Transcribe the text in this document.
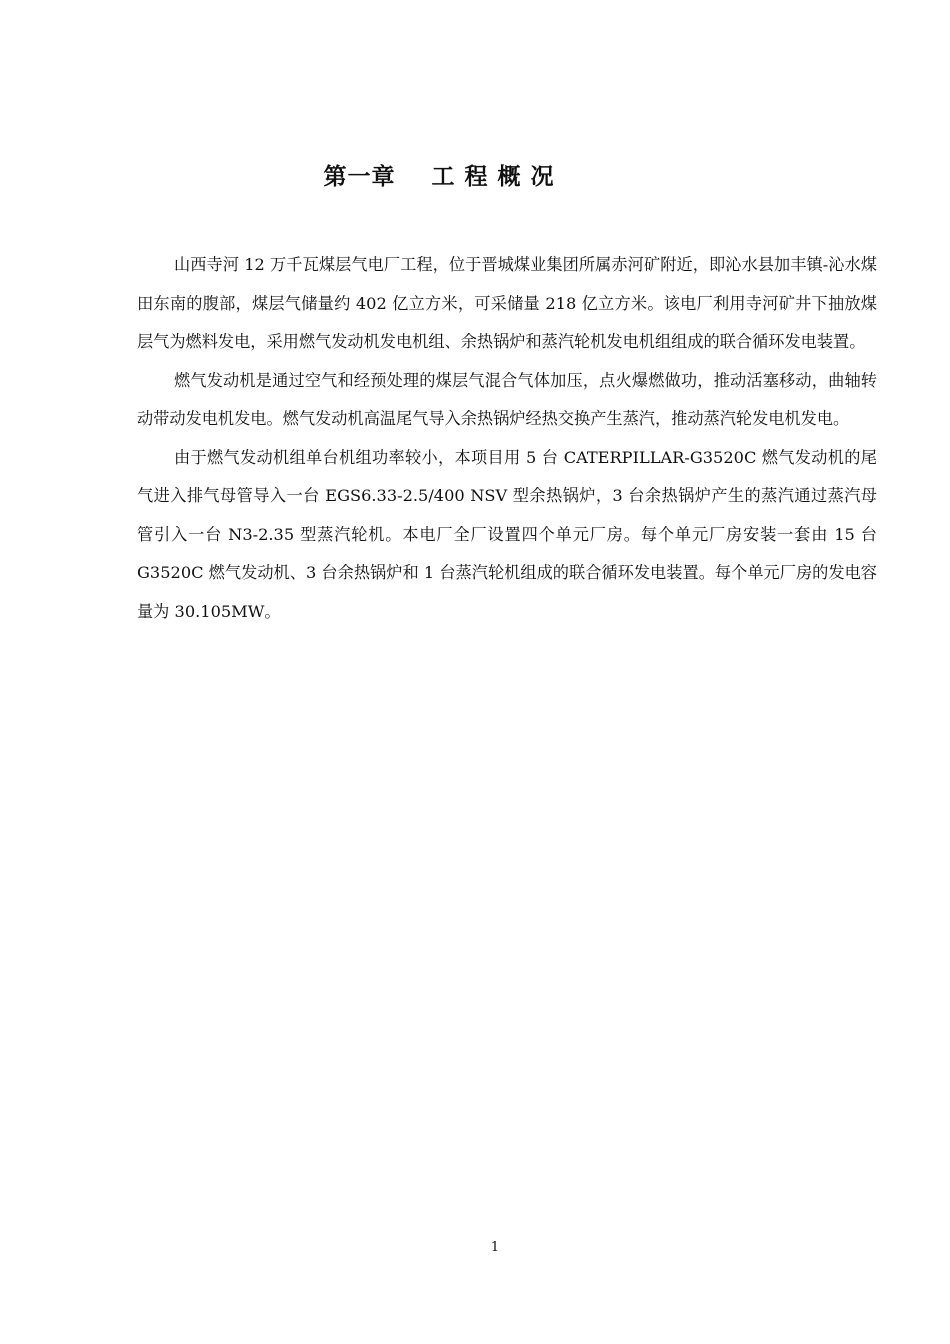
第一章    工 程 概 况

山西寺河 12 万千瓦煤层气电厂工程，位于晋城煤业集团所属赤河矿附近，即沁水县加丰镇-沁水煤田东南的腹部，煤层气储量约 402 亿立方米，可采储量 218 亿立方米。该电厂利用寺河矿井下抽放煤层气为燃料发电，采用燃气发动机发电机组、余热锅炉和蒸汽轮机发电机组组成的联合循环发电装置。

燃气发动机是通过空气和经预处理的煤层气混合气体加压，点火爆燃做功，推动活塞移动，曲轴转动带动发电机发电。燃气发动机高温尾气导入余热锅炉经热交换产生蒸汽，推动蒸汽轮发电机发电。

由于燃气发动机组单台机组功率较小，本项目用 5 台 CATERPILLAR-G3520C 燃气发动机的尾气进入排气母管导入一台 EGS6.33-2.5/400 NSV 型余热锅炉，3 台余热锅炉产生的蒸汽通过蒸汽母管引入一台 N3-2.35 型蒸汽轮机。本电厂全厂设置四个单元厂房。每个单元厂房安装一套由 15 台 G3520C 燃气发动机、3 台余热锅炉和 1 台蒸汽轮机组成的联合循环发电装置。每个单元厂房的发电容量为 30.105MW。

1
